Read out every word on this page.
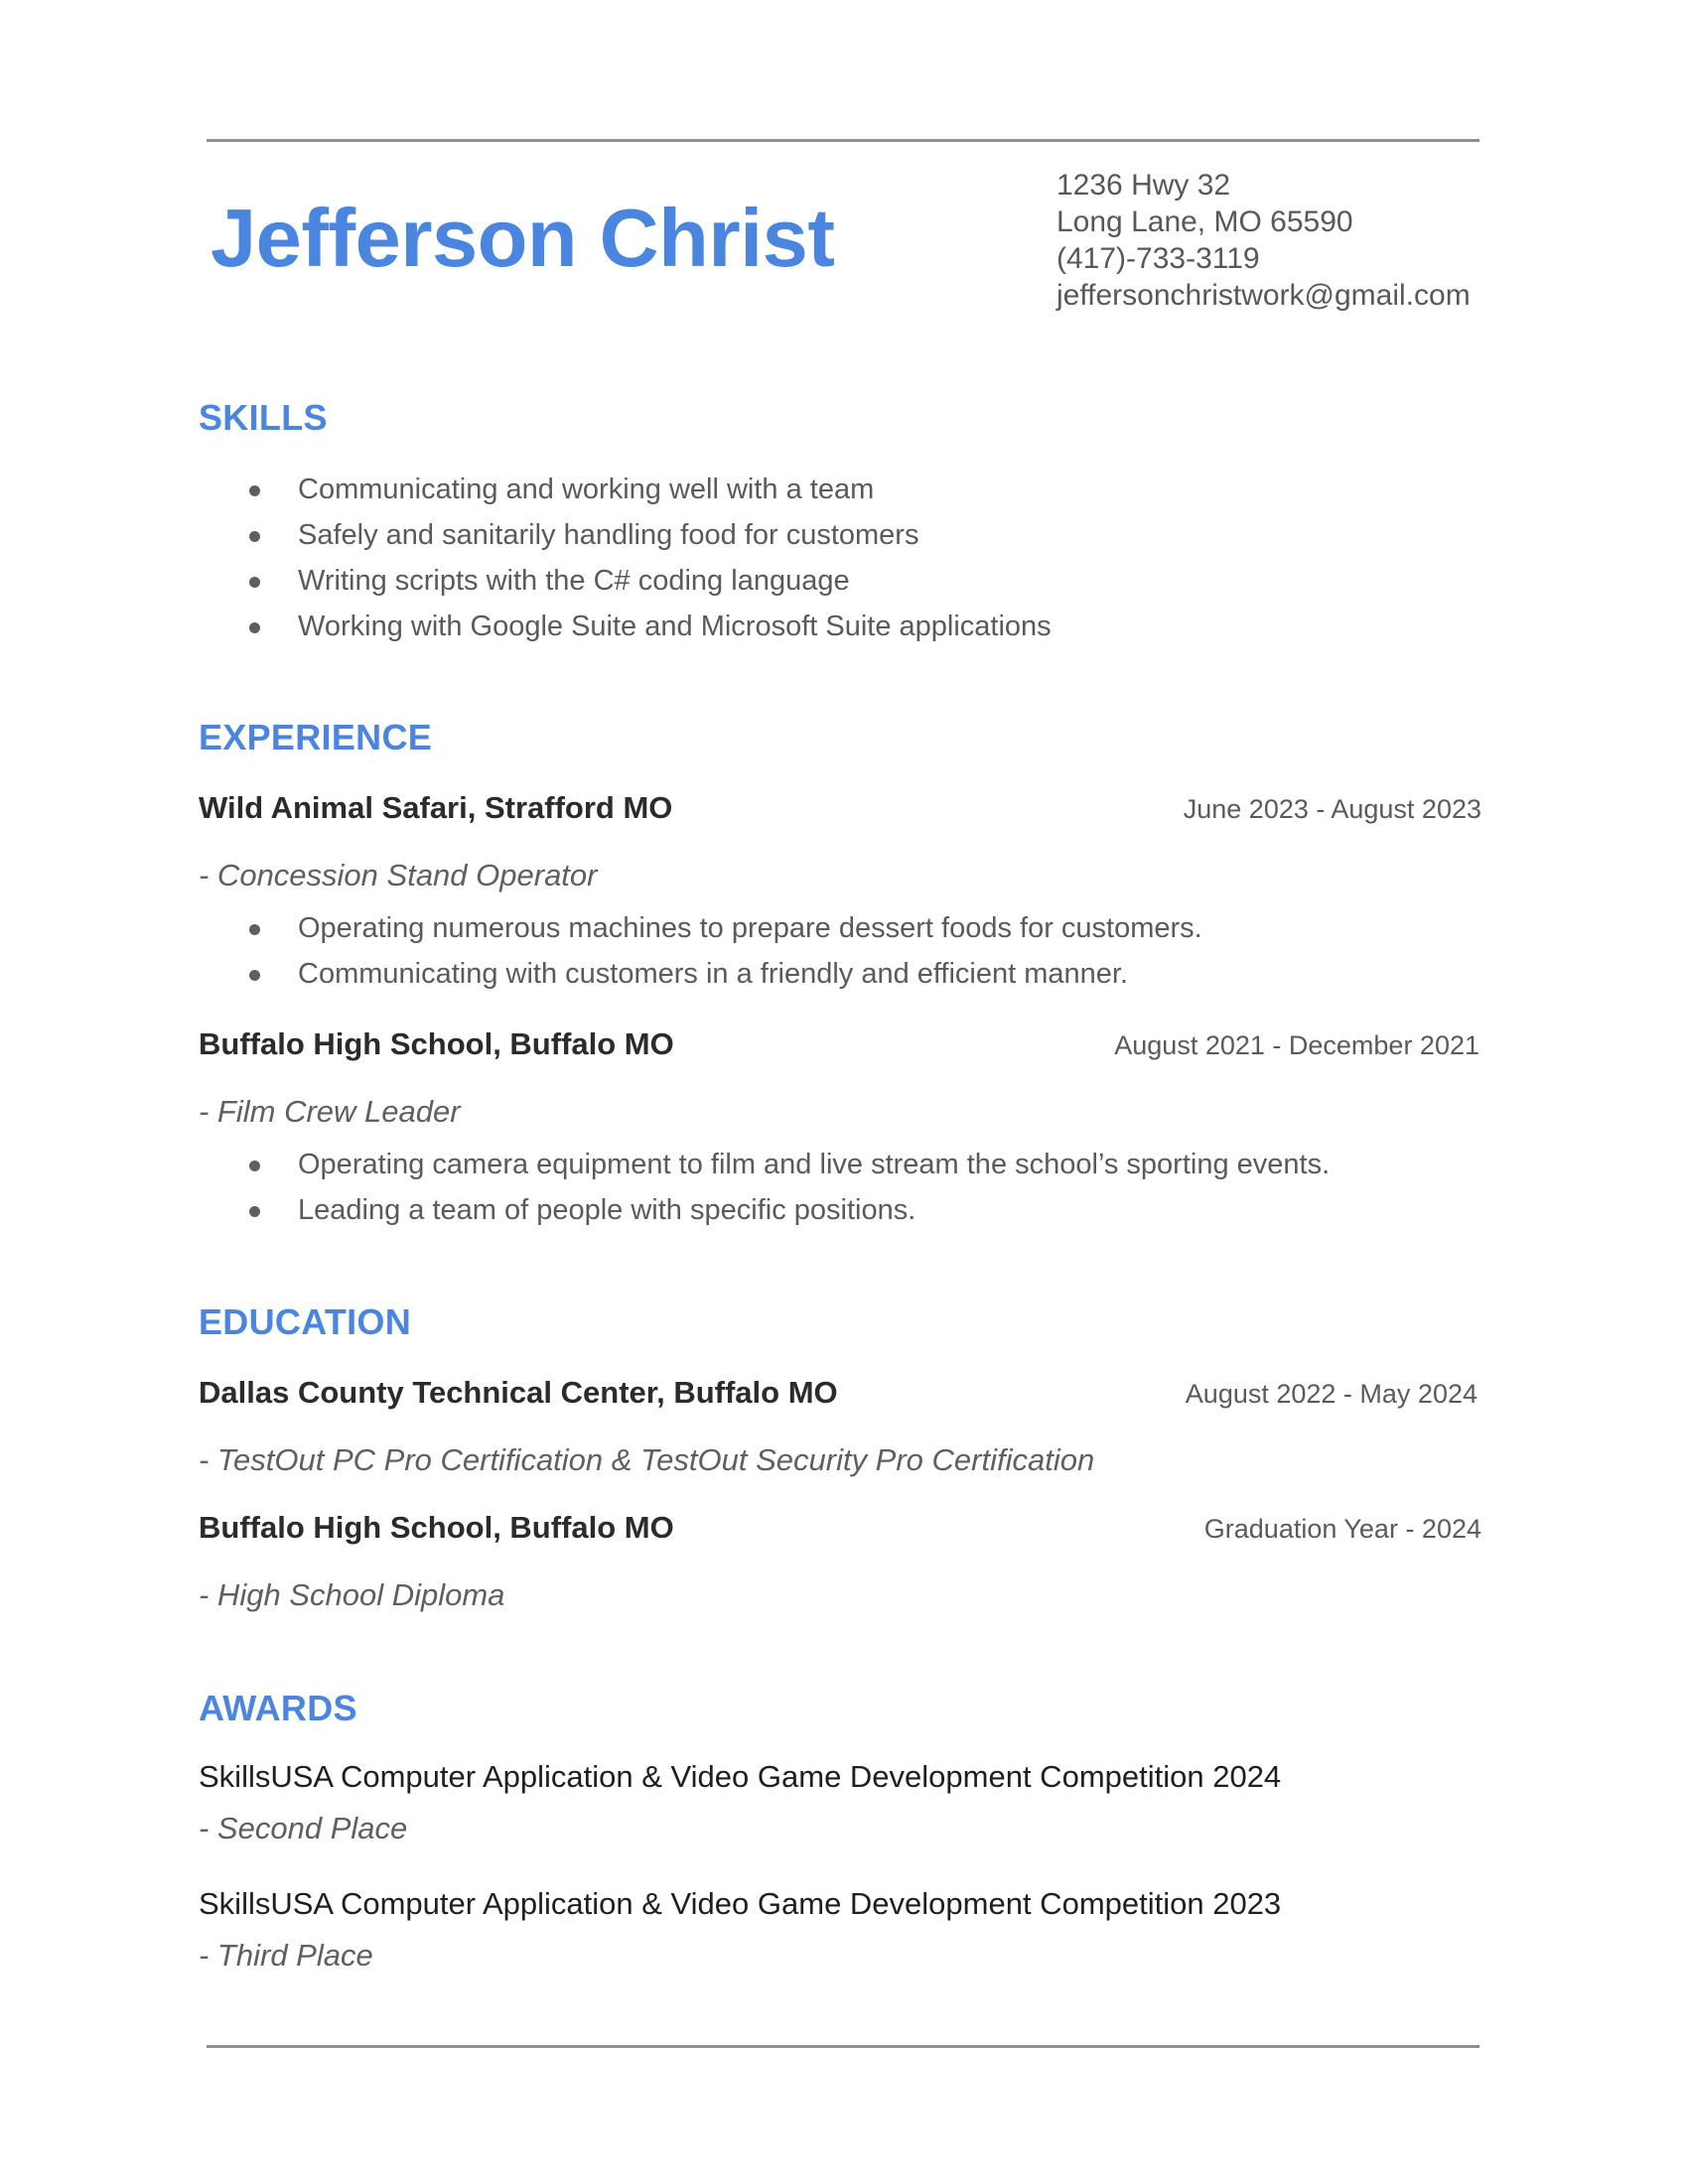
Jefferson Christ
1236 Hwy 32
Long Lane, MO 65590
(417)-733-3119
jeffersonchristwork@gmail.com
SKILLS
Communicating and working well with a team
Safely and sanitarily handling food for customers
Writing scripts with the C# coding language
Working with Google Suite and Microsoft Suite applications
EXPERIENCE
Wild Animal Safari, Strafford MO	June 2023 - August 2023
- Concession Stand Operator
Operating numerous machines to prepare dessert foods for customers.
Communicating with customers in a friendly and efficient manner.
Buffalo High School, Buffalo MO	August 2021 - December 2021
- Film Crew Leader
Operating camera equipment to film and live stream the school’s sporting events.
Leading a team of people with specific positions.
EDUCATION
Dallas County Technical Center, Buffalo MO	August 2022 - May 2024
- TestOut PC Pro Certification & TestOut Security Pro Certification
Buffalo High School, Buffalo MO	Graduation Year - 2024
- High School Diploma
AWARDS
SkillsUSA Computer Application & Video Game Development Competition 2024
- Second Place
SkillsUSA Computer Application & Video Game Development Competition 2023
- Third Place
